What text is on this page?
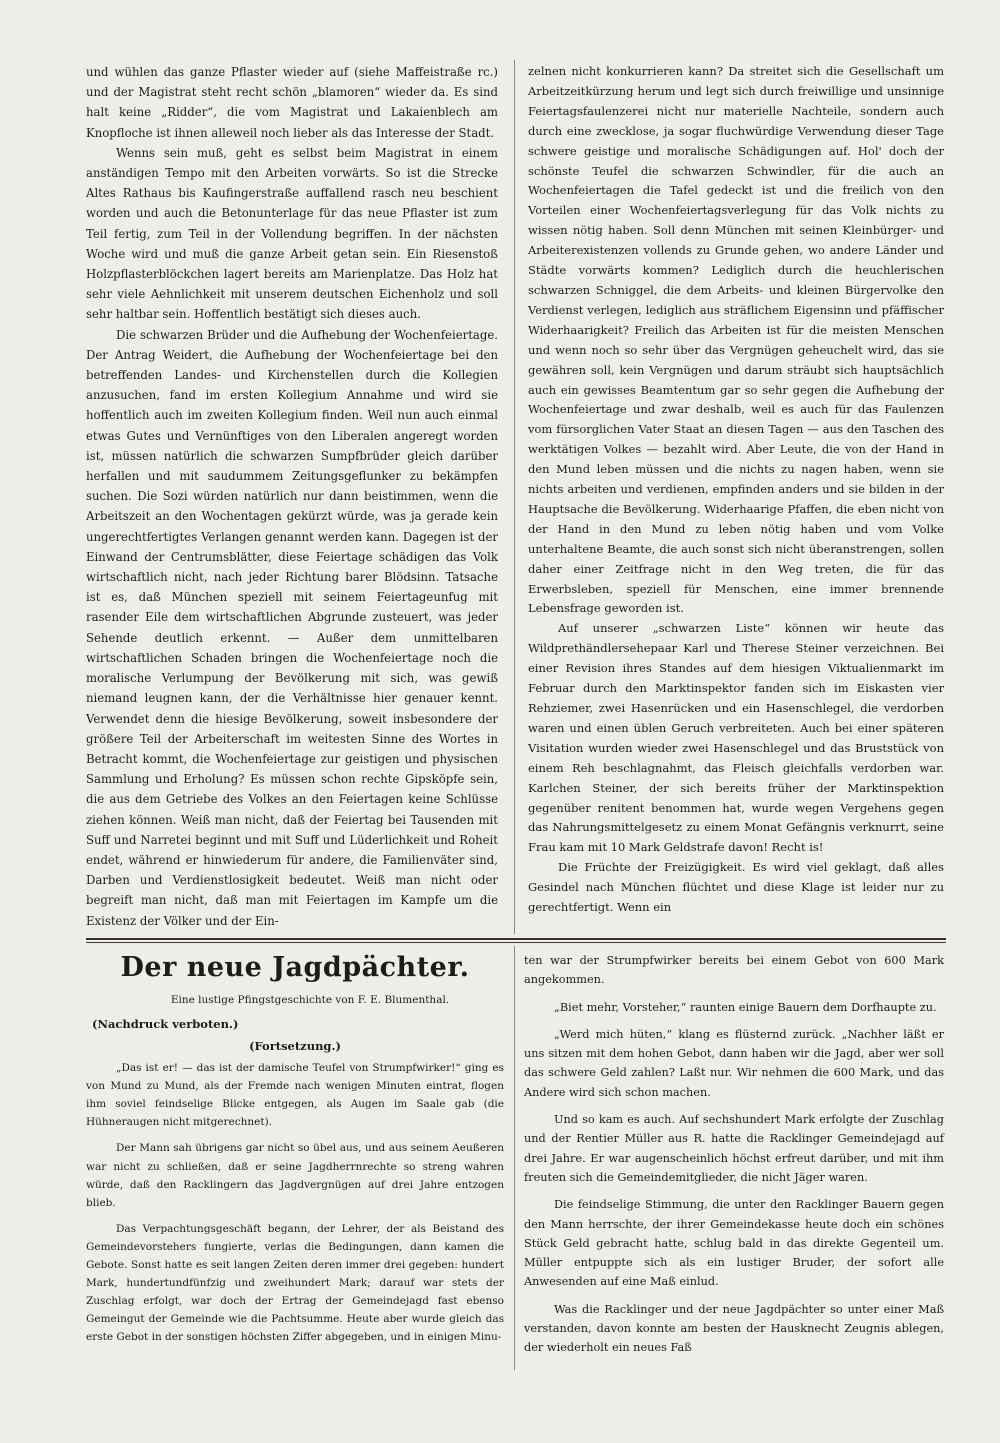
und wühlen das ganze Pflaster wieder auf (siehe Maffeistraße rc.) und der Magistrat steht recht schön „blamoren“ wieder da. Es sind halt keine „Ridder“, die vom Magistrat und Lakaienblech am Knopfloche ist ihnen alleweil noch lieber als das Interesse der Stadt.

Wenns sein muß, geht es selbst beim Magistrat in einem anständigen Tempo mit den Arbeiten vorwärts. So ist die Strecke Altes Rathaus bis Kaufingerstraße auffallend rasch neu beschient worden und auch die Betonunterlage für das neue Pflaster ist zum Teil fertig, zum Teil in der Vollendung begriffen. In der nächsten Woche wird und muß die ganze Arbeit getan sein. Ein Riesenstoß Holzpflasterblöckchen lagert bereits am Marienplatze. Das Holz hat sehr viele Aehnlichkeit mit unserem deutschen Eichenholz und soll sehr haltbar sein. Hoffentlich bestätigt sich dieses auch.

Die schwarzen Brüder und die Aufhebung der Wochenfeiertage. Der Antrag Weidert, die Aufhebung der Wochenfeiertage bei den betreffenden Landes- und Kirchenstellen durch die Kollegien anzusuchen, fand im ersten Kollegium Annahme und wird sie hoffentlich auch im zweiten Kollegium finden. Weil nun auch einmal etwas Gutes und Vernünftiges von den Liberalen angeregt worden ist, müssen natürlich die schwarzen Sumpfbrüder gleich darüber herfallen und mit saudummem Zeitungsgeflunker zu bekämpfen suchen. Die Sozi würden natürlich nur dann beistimmen, wenn die Arbeitszeit an den Wochentagen gekürzt würde, was ja gerade kein ungerechtfertigtes Verlangen genannt werden kann. Dagegen ist der Einwand der Centrumsblätter, diese Feiertage schädigen das Volk wirtschaftlich nicht, nach jeder Richtung barer Blödsinn. Tatsache ist es, daß München speziell mit seinem Feiertageunfug mit rasender Eile dem wirtschaftlichen Abgrunde zusteuert, was jeder Sehende deutlich erkennt. — Außer dem unmittelbaren wirtschaftlichen Schaden bringen die Wochenfeiertage noch die moralische Verlumpung der Bevölkerung mit sich, was gewiß niemand leugnen kann, der die Verhältnisse hier genauer kennt. Verwendet denn die hiesige Bevölkerung, soweit insbesondere der größere Teil der Arbeiterschaft im weitesten Sinne des Wortes in Betracht kommt, die Wochenfeiertage zur geistigen und physischen Sammlung und Erholung? Es müssen schon rechte Gipsköpfe sein, die aus dem Getriebe des Volkes an den Feiertagen keine Schlüsse ziehen können. Weiß man nicht, daß der Feiertag bei Tausenden mit Suff und Narretei beginnt und mit Suff und Lüderlichkeit und Roheit endet, während er hinwiederum für andere, die Familienväter sind, Darben und Verdienstlosigkeit bedeutet. Weiß man nicht oder begreift man nicht, daß man mit Feiertagen im Kampfe um die Existenz der Völker und der Ein-

zelnen nicht konkurrieren kann? Da streitet sich die Gesellschaft um Arbeitzeitkürzung herum und legt sich durch freiwillige und unsinnige Feiertagsfaulenzerei nicht nur materielle Nachteile, sondern auch durch eine zwecklose, ja sogar fluchwürdige Verwendung dieser Tage schwere geistige und moralische Schädigungen auf. Hol' doch der schönste Teufel die schwarzen Schwindler, für die auch an Wochenfeiertagen die Tafel gedeckt ist und die freilich von den Vorteilen einer Wochenfeiertagsverlegung für das Volk nichts zu wissen nötig haben. Soll denn München mit seinen Kleinbürger- und Arbeiterexistenzen vollends zu Grunde gehen, wo andere Länder und Städte vorwärts kommen? Lediglich durch die heuchlerischen schwarzen Schniggel, die dem Arbeits- und kleinen Bürgervolke den Verdienst verlegen, lediglich aus sträflichem Eigensinn und pfäffischer Widerhaarigkeit? Freilich das Arbeiten ist für die meisten Menschen und wenn noch so sehr über das Vergnügen geheuchelt wird, das sie gewähren soll, kein Vergnügen und darum sträubt sich hauptsächlich auch ein gewisses Beamtentum gar so sehr gegen die Aufhebung der Wochenfeiertage und zwar deshalb, weil es auch für das Faulenzen vom fürsorglichen Vater Staat an diesen Tagen — aus den Taschen des werktätigen Volkes — bezahlt wird. Aber Leute, die von der Hand in den Mund leben müssen und die nichts zu nagen haben, wenn sie nichts arbeiten und verdienen, empfinden anders und sie bilden in der Hauptsache die Bevölkerung. Widerhaarige Pfaffen, die eben nicht von der Hand in den Mund zu leben nötig haben und vom Volke unterhaltene Beamte, die auch sonst sich nicht überanstrengen, sollen daher einer Zeitfrage nicht in den Weg treten, die für das Erwerbsleben, speziell für Menschen, eine immer brennende Lebensfrage geworden ist.

Auf unserer „schwarzen Liste“ können wir heute das Wildprethändlersehepaar Karl und Therese Steiner verzeichnen. Bei einer Revision ihres Standes auf dem hiesigen Viktualienmarkt im Februar durch den Marktinspektor fanden sich im Eiskasten vier Rehziemer, zwei Hasenrücken und ein Hasenschlegel, die verdorben waren und einen üblen Geruch verbreiteten. Auch bei einer späteren Visitation wurden wieder zwei Hasenschlegel und das Bruststück von einem Reh beschlagnahmt, das Fleisch gleichfalls verdorben war. Karlchen Steiner, der sich bereits früher der Marktinspektion gegenüber renitent benommen hat, wurde wegen Vergehens gegen das Nahrungsmittelgesetz zu einem Monat Gefängnis verknurrt, seine Frau kam mit 10 Mark Geldstrafe davon! Recht is!

Die Früchte der Freizügigkeit. Es wird viel geklagt, daß alles Gesindel nach München flüchtet und diese Klage ist leider nur zu gerechtfertigt. Wenn ein

Der neue Jagdpächter.

Eine lustige Pfingstgeschichte von F. E. Blumenthal.

(Nachdruck verboten.)
(Fortsetzung.)

„Das ist er! — das ist der damische Teufel von Strumpfwirker!“ ging es von Mund zu Mund, als der Fremde nach wenigen Minuten eintrat, flogen ihm soviel feindselige Blicke entgegen, als Augen im Saale gab (die Hühneraugen nicht mitgerechnet).

Der Mann sah übrigens gar nicht so übel aus, und aus seinem Aeußeren war nicht zu schließen, daß er seine Jagdherrnrechte so streng wahren würde, daß den Racklingern das Jagdvergnügen auf drei Jahre entzogen blieb.

Das Verpachtungsgeschäft begann, der Lehrer, der als Beistand des Gemeindevorstehers fungierte, verlas die Bedingungen, dann kamen die Gebote. Sonst hatte es seit langen Zeiten deren immer drei gegeben: hundert Mark, hundertundfünfzig und zweihundert Mark; darauf war stets der Zuschlag erfolgt, war doch der Ertrag der Gemeindejagd fast ebenso Gemeingut der Gemeinde wie die Pachtsumme. Heute aber wurde gleich das erste Gebot in der sonstigen höchsten Ziffer abgegeben, und in einigen Minu-

ten war der Strumpfwirker bereits bei einem Gebot von 600 Mark angekommen.

„Biet mehr, Vorsteher,“ raunten einige Bauern dem Dorfhaupte zu.

„Werd mich hüten,“ klang es flüsternd zurück. „Nachher läßt er uns sitzen mit dem hohen Gebot, dann haben wir die Jagd, aber wer soll das schwere Geld zahlen? Laßt nur. Wir nehmen die 600 Mark, und das Andere wird sich schon machen.

Und so kam es auch. Auf sechshundert Mark erfolgte der Zuschlag und der Rentier Müller aus R. hatte die Racklinger Gemeindejagd auf drei Jahre. Er war augenscheinlich höchst erfreut darüber, und mit ihm freuten sich die Gemeindemitglieder, die nicht Jäger waren.

Die feindselige Stimmung, die unter den Racklinger Bauern gegen den Mann herrschte, der ihrer Gemeindekasse heute doch ein schönes Stück Geld gebracht hatte, schlug bald in das direkte Gegenteil um. Müller entpuppte sich als ein lustiger Bruder, der sofort alle Anwesenden auf eine Maß einlud.

Was die Racklinger und der neue Jagdpächter so unter einer Maß verstanden, davon konnte am besten der Hausknecht Zeugnis ablegen, der wiederholt ein neues Faß
